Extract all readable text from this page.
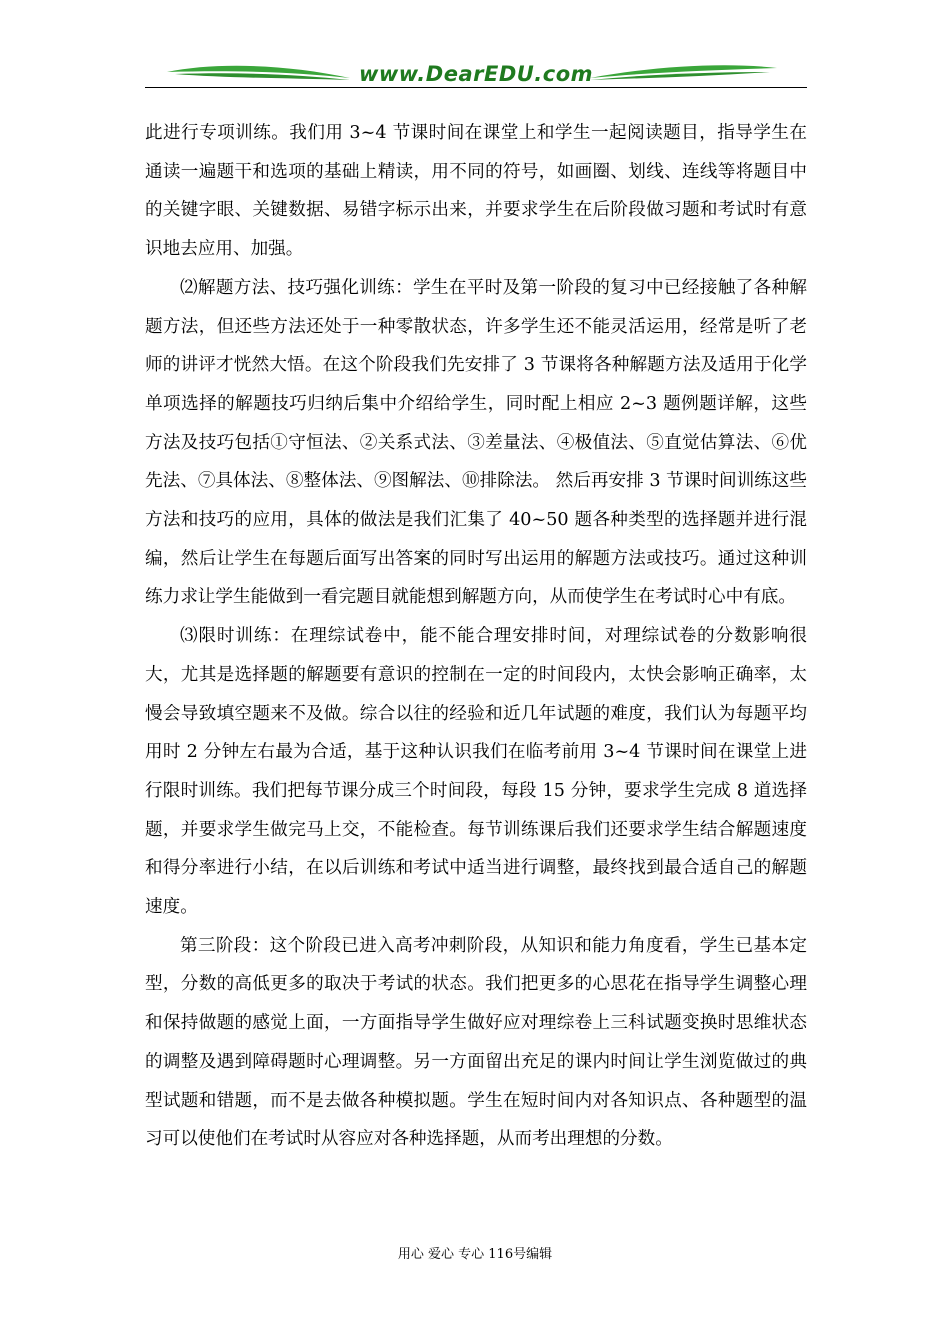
www.DearEDU.com

此进行专项训练。我们用 3~4 节课时间在课堂上和学生一起阅读题目，指导学生在通读一遍题干和选项的基础上精读，用不同的符号，如画圈、划线、连线等将题目中的关键字眼、关键数据、易错字标示出来，并要求学生在后阶段做习题和考试时有意识地去应用、加强。

⑵解题方法、技巧强化训练：学生在平时及第一阶段的复习中已经接触了各种解题方法，但还些方法还处于一种零散状态，许多学生还不能灵活运用，经常是听了老师的讲评才恍然大悟。在这个阶段我们先安排了 3 节课将各种解题方法及适用于化学单项选择的解题技巧归纳后集中介绍给学生，同时配上相应 2~3 题例题详解，这些方法及技巧包括①守恒法、②关系式法、③差量法、④极值法、⑤直觉估算法、⑥优先法、⑦具体法、⑧整体法、⑨图解法、⑩排除法。 然后再安排 3 节课时间训练这些方法和技巧的应用，具体的做法是我们汇集了 40~50 题各种类型的选择题并进行混编，然后让学生在每题后面写出答案的同时写出运用的解题方法或技巧。通过这种训练力求让学生能做到一看完题目就能想到解题方向，从而使学生在考试时心中有底。

⑶限时训练：在理综试卷中，能不能合理安排时间，对理综试卷的分数影响很大，尤其是选择题的解题要有意识的控制在一定的时间段内，太快会影响正确率，太慢会导致填空题来不及做。综合以往的经验和近几年试题的难度，我们认为每题平均用时 2 分钟左右最为合适，基于这种认识我们在临考前用 3~4 节课时间在课堂上进行限时训练。我们把每节课分成三个时间段，每段 15 分钟，要求学生完成 8 道选择题，并要求学生做完马上交，不能检查。每节训练课后我们还要求学生结合解题速度和得分率进行小结，在以后训练和考试中适当进行调整，最终找到最合适自己的解题速度。

第三阶段：这个阶段已进入高考冲刺阶段，从知识和能力角度看，学生已基本定型，分数的高低更多的取决于考试的状态。我们把更多的心思花在指导学生调整心理和保持做题的感觉上面，一方面指导学生做好应对理综卷上三科试题变换时思维状态的调整及遇到障碍题时心理调整。另一方面留出充足的课内时间让学生浏览做过的典型试题和错题，而不是去做各种模拟题。学生在短时间内对各知识点、各种题型的温习可以使他们在考试时从容应对各种选择题，从而考出理想的分数。

用心 爱心 专心 116号编辑
